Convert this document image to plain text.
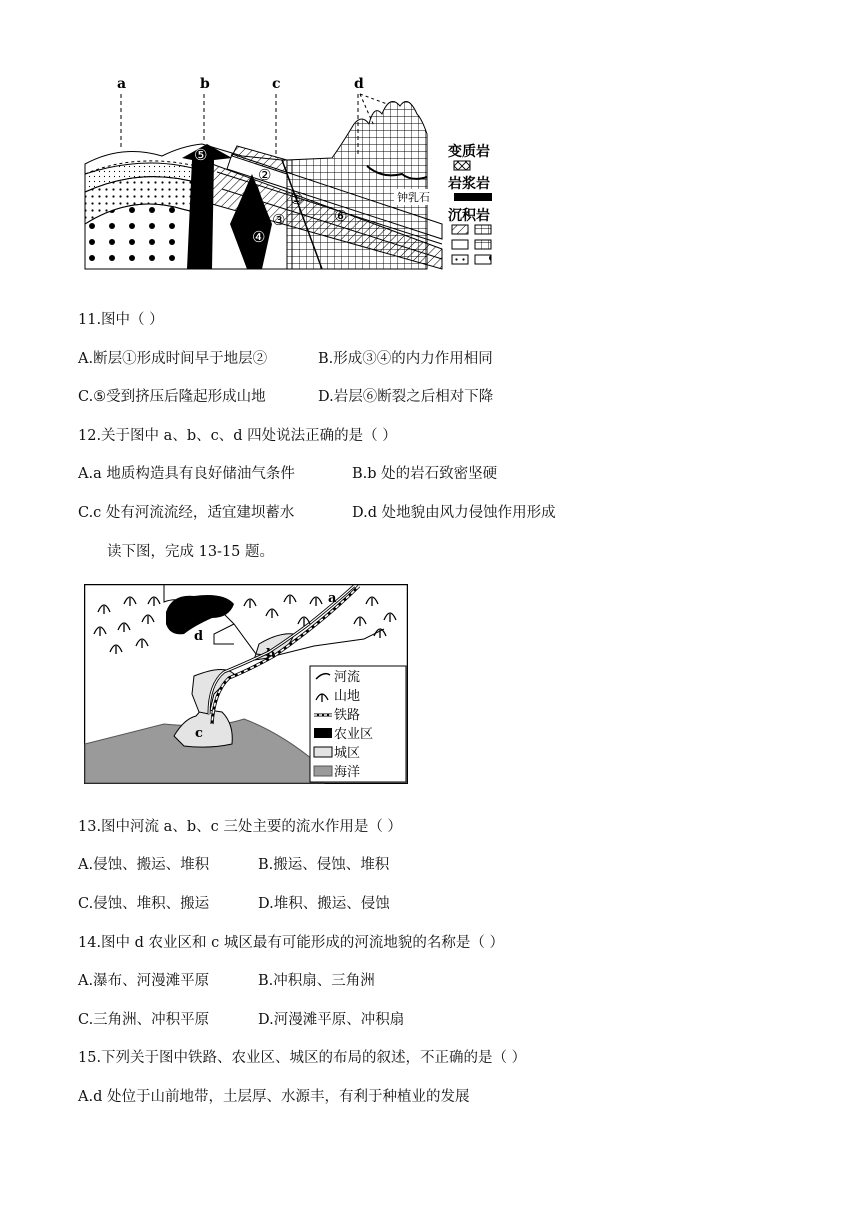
钟乳石
a	b	c	d
①
②
③
④
⑤
⑥
变质岩
岩浆岩
沉积岩
11.图中（ ）
A.断层①形成时间早于地层②	B.形成③④的内力作用相同
C.⑤受到挤压后隆起形成山地	D.岩层⑥断裂之后相对下降
12.关于图中 a、b、c、d 四处说法正确的是（ ）
A.a 地质构造具有良好储油气条件	B.b 处的岩石致密坚硬
C.c 处有河流流经，适宜建坝蓄水	D.d 处地貌由风力侵蚀作用形成
读下图，完成 13-15 题。
c
b
d
a
河流
山地
铁路
农业区
城区
海洋
13.图中河流 a、b、c 三处主要的流水作用是（ ）
A.侵蚀、搬运、堆积	B.搬运、侵蚀、堆积
C.侵蚀、堆积、搬运	D.堆积、搬运、侵蚀
14.图中 d 农业区和 c 城区最有可能形成的河流地貌的名称是（ ）
A.瀑布、河漫滩平原	B.冲积扇、三角洲
C.三角洲、冲积平原	D.河漫滩平原、冲积扇
15.下列关于图中铁路、农业区、城区的布局的叙述，不正确的是（ ）
A.d 处位于山前地带，土层厚、水源丰，有利于种植业的发展
